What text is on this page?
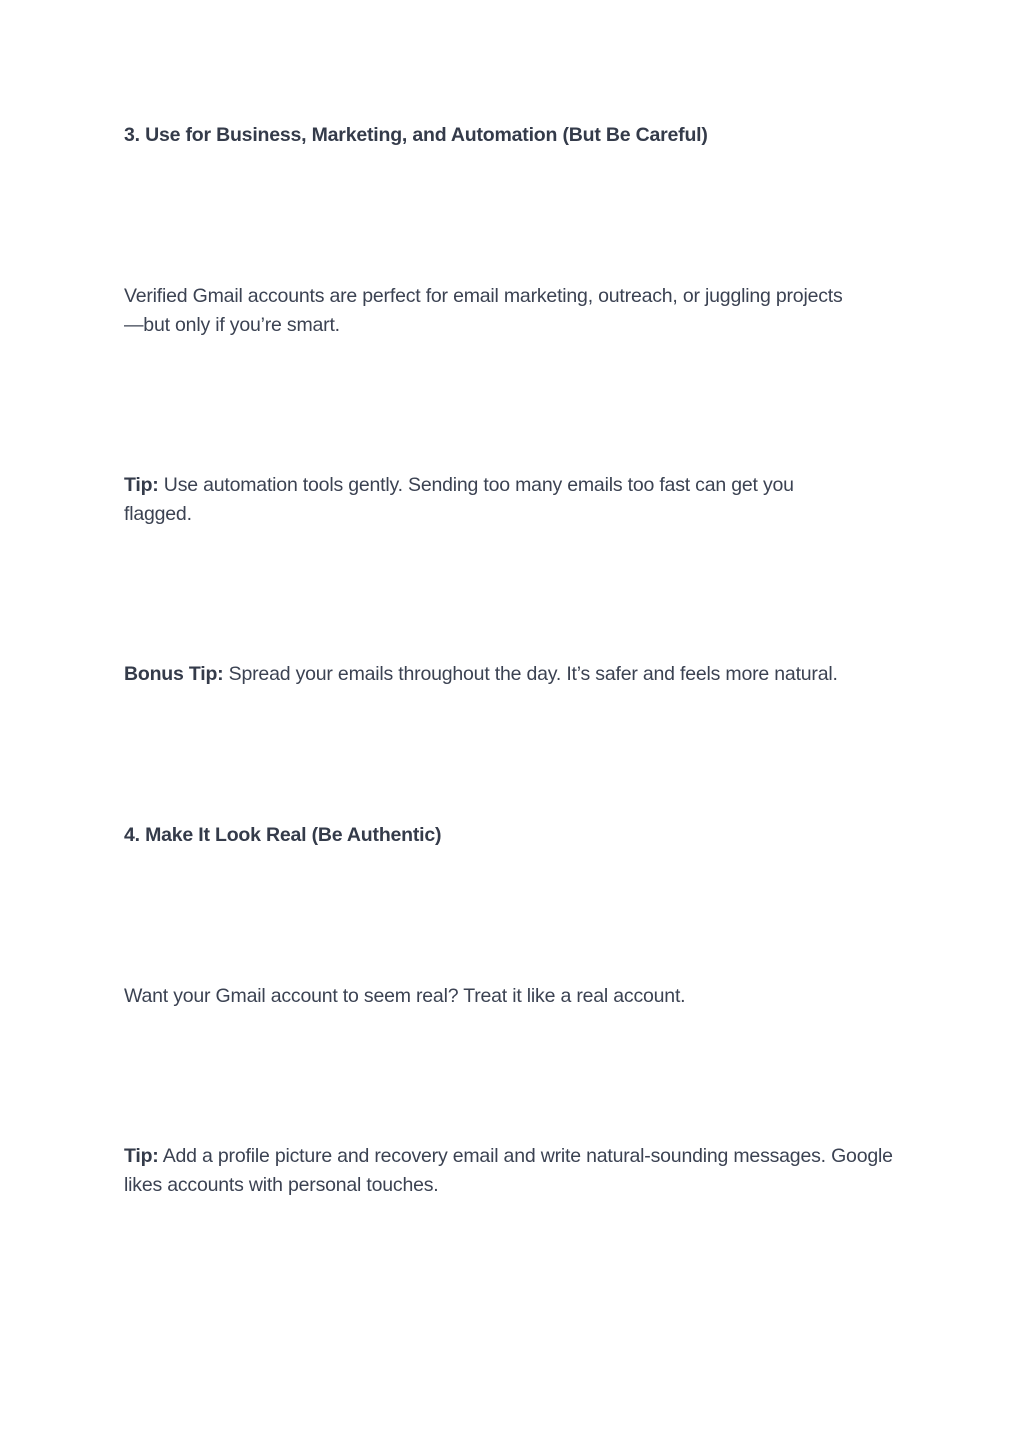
3. Use for Business, Marketing, and Automation (But Be Careful)
Verified Gmail accounts are perfect for email marketing, outreach, or juggling projects—but only if you’re smart.
Tip: Use automation tools gently. Sending too many emails too fast can get you flagged.
Bonus Tip: Spread your emails throughout the day. It’s safer and feels more natural.
4. Make It Look Real (Be Authentic)
Want your Gmail account to seem real? Treat it like a real account.
Tip: Add a profile picture and recovery email and write natural-sounding messages. Google likes accounts with personal touches.
